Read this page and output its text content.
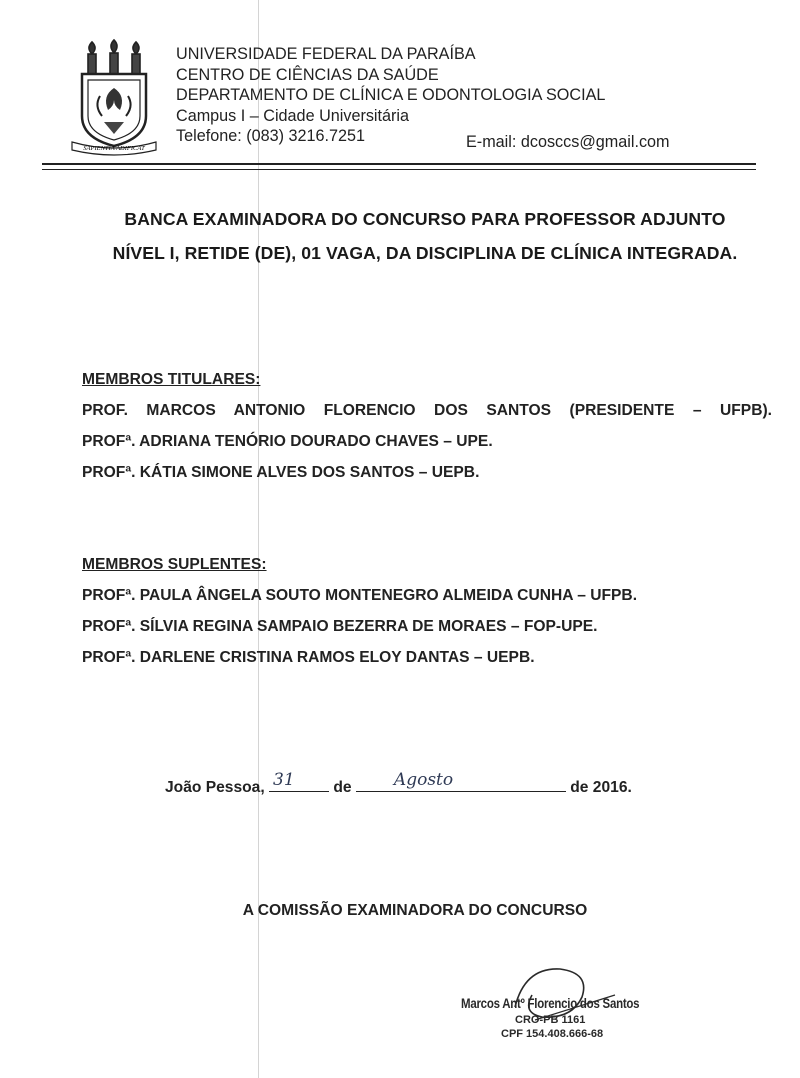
SAPIENTIA ADIFICAT
UNIVERSIDADE FEDERAL DA PARAÍBA
CENTRO DE CIÊNCIAS DA SAÚDE
DEPARTAMENTO DE CLÍNICA E ODONTOLOGIA SOCIAL
Campus I – Cidade Universitária
Telefone: (083) 3216.7251	E-mail: dcosccs@gmail.com
BANCA EXAMINADORA DO CONCURSO PARA PROFESSOR ADJUNTO
NÍVEL I, RETIDE (DE), 01 VAGA, DA DISCIPLINA DE CLÍNICA INTEGRADA.
MEMBROS TITULARES:
PROF. MARCOS ANTONIO FLORENCIO DOS SANTOS (PRESIDENTE – UFPB).
PROFª. ADRIANA TENÓRIO DOURADO CHAVES – UPE.
PROFª. KÁTIA SIMONE ALVES DOS SANTOS – UEPB.
MEMBROS SUPLENTES:
PROFª. PAULA ÂNGELA SOUTO MONTENEGRO ALMEIDA CUNHA – UFPB.
PROFª. SÍLVIA REGINA SAMPAIO BEZERRA DE MORAES – FOP-UPE.
PROFª. DARLENE CRISTINA RAMOS ELOY DANTAS – UEPB.
João Pessoa, 31 de Agosto	de 2016.
A COMISSÃO EXAMINADORA DO CONCURSO
Marcos Antº Florencio dos Santos
CRO-PB 1161
CPF 154.408.666-68
